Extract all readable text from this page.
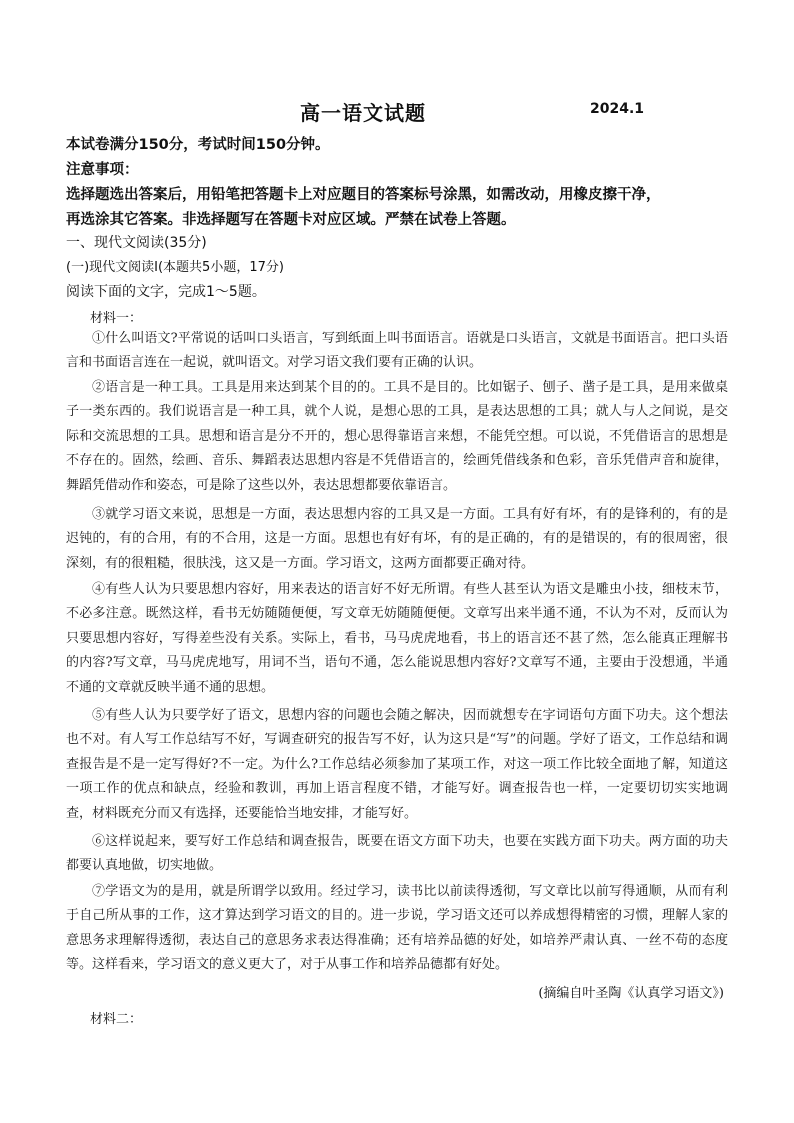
高一语文试题	2024.1
本试卷满分150分，考试时间150分钟。
注意事项：
选择题选出答案后，用铅笔把答题卡上对应题目的答案标号涂黑，如需改动，用橡皮擦干净，
再选涂其它答案。非选择题写在答题卡对应区域。严禁在试卷上答题。
一、现代文阅读(35分)
(一)现代文阅读Ⅰ(本题共5小题，17分)
阅读下面的文字，完成1～5题。
材料一：
①什么叫语文?平常说的话叫口头语言，写到纸面上叫书面语言。语就是口头语言，文就是书面语言。把口头语言和书面语言连在一起说，就叫语文。对学习语文我们要有正确的认识。
②语言是一种工具。工具是用来达到某个目的的。工具不是目的。比如锯子、刨子、凿子是工具，是用来做桌子一类东西的。我们说语言是一种工具，就个人说，是想心思的工具，是表达思想的工具；就人与人之间说，是交际和交流思想的工具。思想和语言是分不开的，想心思得靠语言来想，不能凭空想。可以说，不凭借语言的思想是不存在的。固然，绘画、音乐、舞蹈表达思想内容是不凭借语言的，绘画凭借线条和色彩，音乐凭借声音和旋律，舞蹈凭借动作和姿态，可是除了这些以外，表达思想都要依靠语言。
③就学习语文来说，思想是一方面，表达思想内容的工具又是一方面。工具有好有坏，有的是锋利的，有的是迟钝的，有的合用，有的不合用，这是一方面。思想也有好有坏，有的是正确的，有的是错误的，有的很周密，很深刻，有的很粗糙，很肤浅，这又是一方面。学习语文，这两方面都要正确对待。
④有些人认为只要思想内容好，用来表达的语言好不好无所谓。有些人甚至认为语文是雕虫小技，细枝末节，不必多注意。既然这样，看书无妨随随便便，写文章无妨随随便便。文章写出来半通不通，不认为不对，反而认为只要思想内容好，写得差些没有关系。实际上，看书，马马虎虎地看，书上的语言还不甚了然，怎么能真正理解书的内容?写文章，马马虎虎地写，用词不当，语句不通，怎么能说思想内容好?文章写不通，主要由于没想通，半通不通的文章就反映半通不通的思想。
⑤有些人认为只要学好了语文，思想内容的问题也会随之解决，因而就想专在字词语句方面下功夫。这个想法也不对。有人写工作总结写不好，写调查研究的报告写不好，认为这只是“写”的问题。学好了语文，工作总结和调查报告是不是一定写得好?不一定。为什么?工作总结必须参加了某项工作，对这一项工作比较全面地了解，知道这一项工作的优点和缺点，经验和教训，再加上语言程度不错，才能写好。调查报告也一样，一定要切切实实地调查，材料既充分而又有选择，还要能恰当地安排，才能写好。
⑥这样说起来，要写好工作总结和调查报告，既要在语文方面下功夫，也要在实践方面下功夫。两方面的功夫都要认真地做，切实地做。
⑦学语文为的是用，就是所谓学以致用。经过学习，读书比以前读得透彻，写文章比以前写得通顺，从而有利于自己所从事的工作，这才算达到学习语文的目的。进一步说，学习语文还可以养成想得精密的习惯，理解人家的意思务求理解得透彻，表达自己的意思务求表达得准确；还有培养品德的好处，如培养严肃认真、一丝不苟的态度等。这样看来，学习语文的意义更大了，对于从事工作和培养品德都有好处。
(摘编自叶圣陶《认真学习语文》)
材料二：
